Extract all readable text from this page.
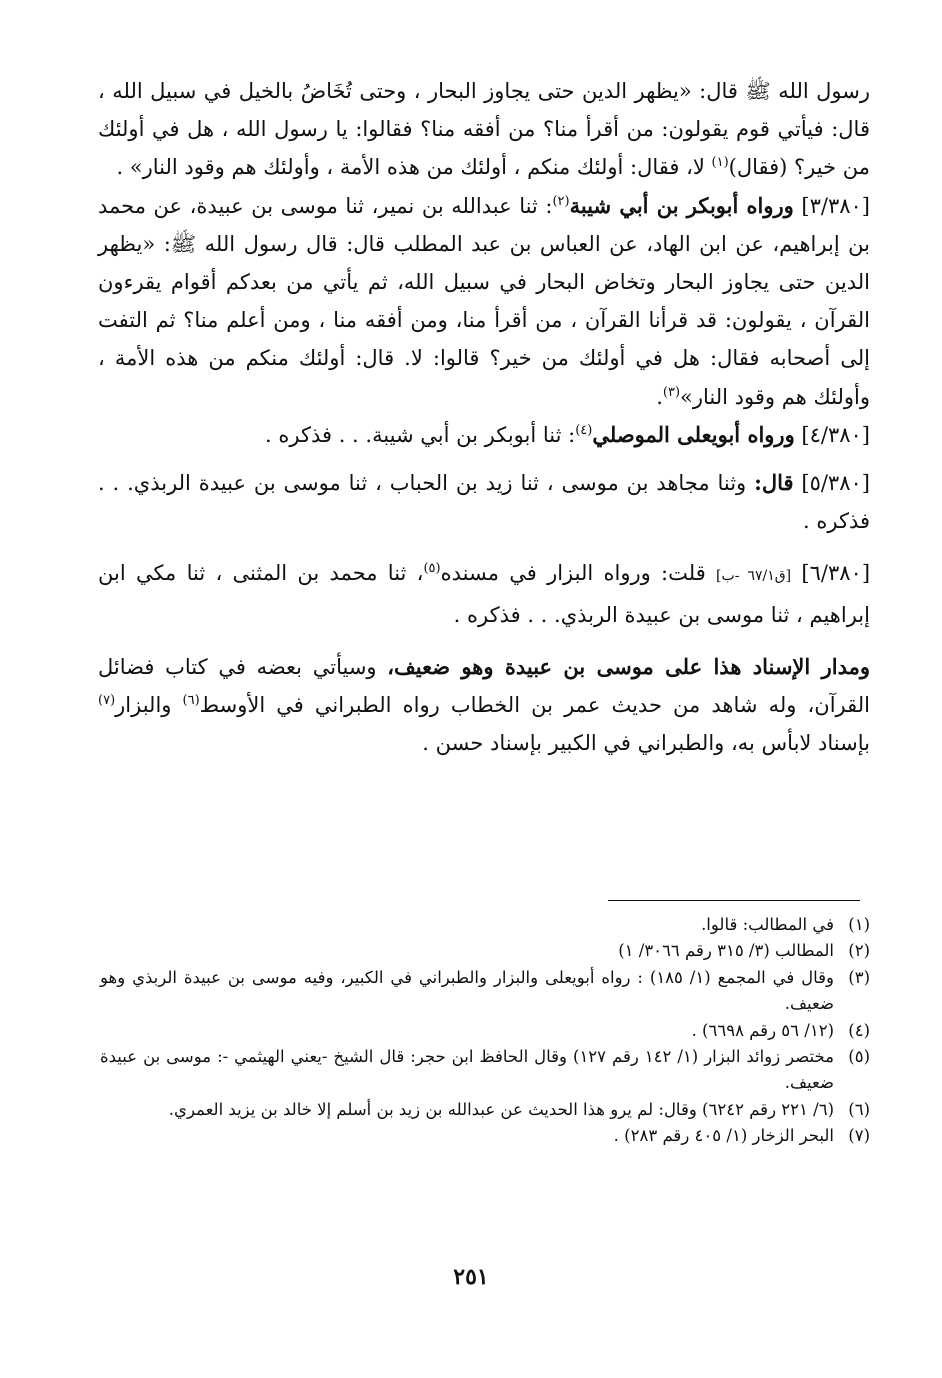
رسول الله ﷺ قال: «يظهر الدين حتى يجاوز البحار ، وحتى تُخَاضُ بالخيل في سبيل الله ، قال: فيأتي قوم يقولون: من أقرأ منا؟ من أفقه منا؟ فقالوا: يا رسول الله ، هل في أولئك من خير؟ (فقال)$^{(١)}$ لا، فقال: أولئك منكم ، أولئك من هذه الأمة ، وأولئك هم وقود النار» .

[٣/٣٨٠] ورواه أبوبكر بن أبي شيبة$^{(٢)}$: ثنا عبدالله بن نمير، ثنا موسى بن عبيدة، عن محمد بن إبراهيم، عن ابن الهاد، عن العباس بن عبد المطلب قال: قال رسول الله ﷺ: «يظهر الدين حتى يجاوز البحار وتخاض البحار في سبيل الله، ثم يأتي من بعدكم أقوام يقرءون القرآن ، يقولون: قد قرأنا القرآن ، من أقرأ منا، ومن أفقه منا ، ومن أعلم منا؟ ثم التفت إلى أصحابه فقال: هل في أولئك من خير؟ قالوا: لا. قال: أولئك منكم من هذه الأمة ، وأولئك هم وقود النار»$^{(٣)}$.

[٤/٣٨٠] ورواه أبويعلى الموصلي$^{(٤)}$: ثنا أبوبكر بن أبي شيبة. . . فذكره .

[٥/٣٨٠] قال: وثنا مجاهد بن موسى ، ثنا زيد بن الحباب ، ثنا موسى بن عبيدة الربذي. . . فذكره .

[٦/٣٨٠] [ق٦٧/١ -ب] قلت: ورواه البزار في مسنده$^{(٥)}$، ثنا محمد بن المثنى ، ثنا مكي ابن إبراهيم ، ثنا موسى بن عبيدة الربذي. . . فذكره .

ومدار الإسناد هذا على موسى بن عبيدة وهو ضعيف، وسيأتي بعضه في كتاب فضائل القرآن، وله شاهد من حديث عمر بن الخطاب رواه الطبراني في الأوسط$^{(٦)}$ والبزار$^{(٧)}$ بإسناد لابأس به، والطبراني في الكبير بإسناد حسن .

(١)
في المطالب: قالوا.
(٢)
المطالب (٣/ ٣١٥ رقم ٣٠٦٦/ ١)
(٣)
وقال في المجمع (١/ ١٨٥) : رواه أبويعلى والبزار والطبراني في الكبير، وفيه موسى بن عبيدة الربذي وهو ضعيف.
(٤)
(١٢/ ٥٦ رقم ٦٦٩٨) .
(٥)
مختصر زوائد البزار (١/ ١٤٢ رقم ١٢٧) وقال الحافظ ابن حجر: قال الشيخ -يعني الهيثمي -: موسى بن عبيدة ضعيف.
(٦)
(٦/ ٢٢١ رقم ٦٢٤٢) وقال: لم يرو هذا الحديث عن عبدالله بن زيد بن أسلم إلا خالد بن يزيد العمري.
(٧)
البحر الزخار (١/ ٤٠٥ رقم ٢٨٣) .
٢٥١
